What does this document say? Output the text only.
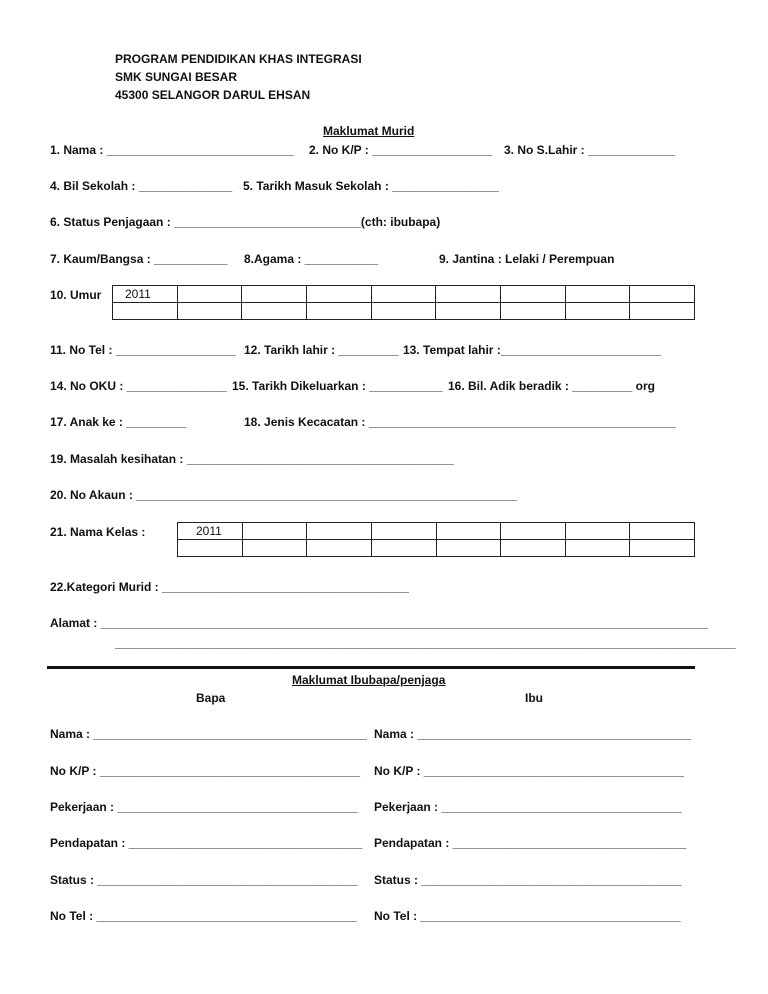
PROGRAM PENDIDIKAN KHAS INTEGRASI
SMK SUNGAI BESAR
45300 SELANGOR DARUL EHSAN
Maklumat Murid
1. Nama : ____________________________ 2. No K/P : __________________ 3. No S.Lahir : _____________
4. Bil Sekolah : ______________ 5. Tarikh Masuk Sekolah : ________________
6. Status Penjagaan : ____________________________(cth: ibubapa)
7. Kaum/Bangsa : ___________ 8.Agama : ___________	9. Jantina : Lelaki / Perempuan
10. Umur 2011								

11. No Tel : __________________ 12. Tarikh lahir : _________ 13. Tempat lahir :________________________
14. No OKU : _______________ 15. Tarikh Dikeluarkan : ___________ 16. Bil. Adik beradik : _________ org
17. Anak ke : _________	18. Jenis Kecacatan : ______________________________________________
19. Masalah kesihatan : ________________________________________
20. No Akaun : _________________________________________________________
21. Nama Kelas :	2011							

22.Kategori Murid : _____________________________________
Alamat : ___________________________________________________________________________________________
_____________________________________________________________________________________________
Maklumat Ibubapa/penjaga
Bapa	Ibu
Nama : _________________________________________ Nama : _________________________________________
No K/P : _______________________________________ No K/P : _______________________________________
Pekerjaan : ____________________________________ Pekerjaan : ____________________________________
Pendapatan : ___________________________________ Pendapatan : ___________________________________
Status : _______________________________________ Status : _______________________________________
No Tel : _______________________________________ No Tel : _______________________________________
